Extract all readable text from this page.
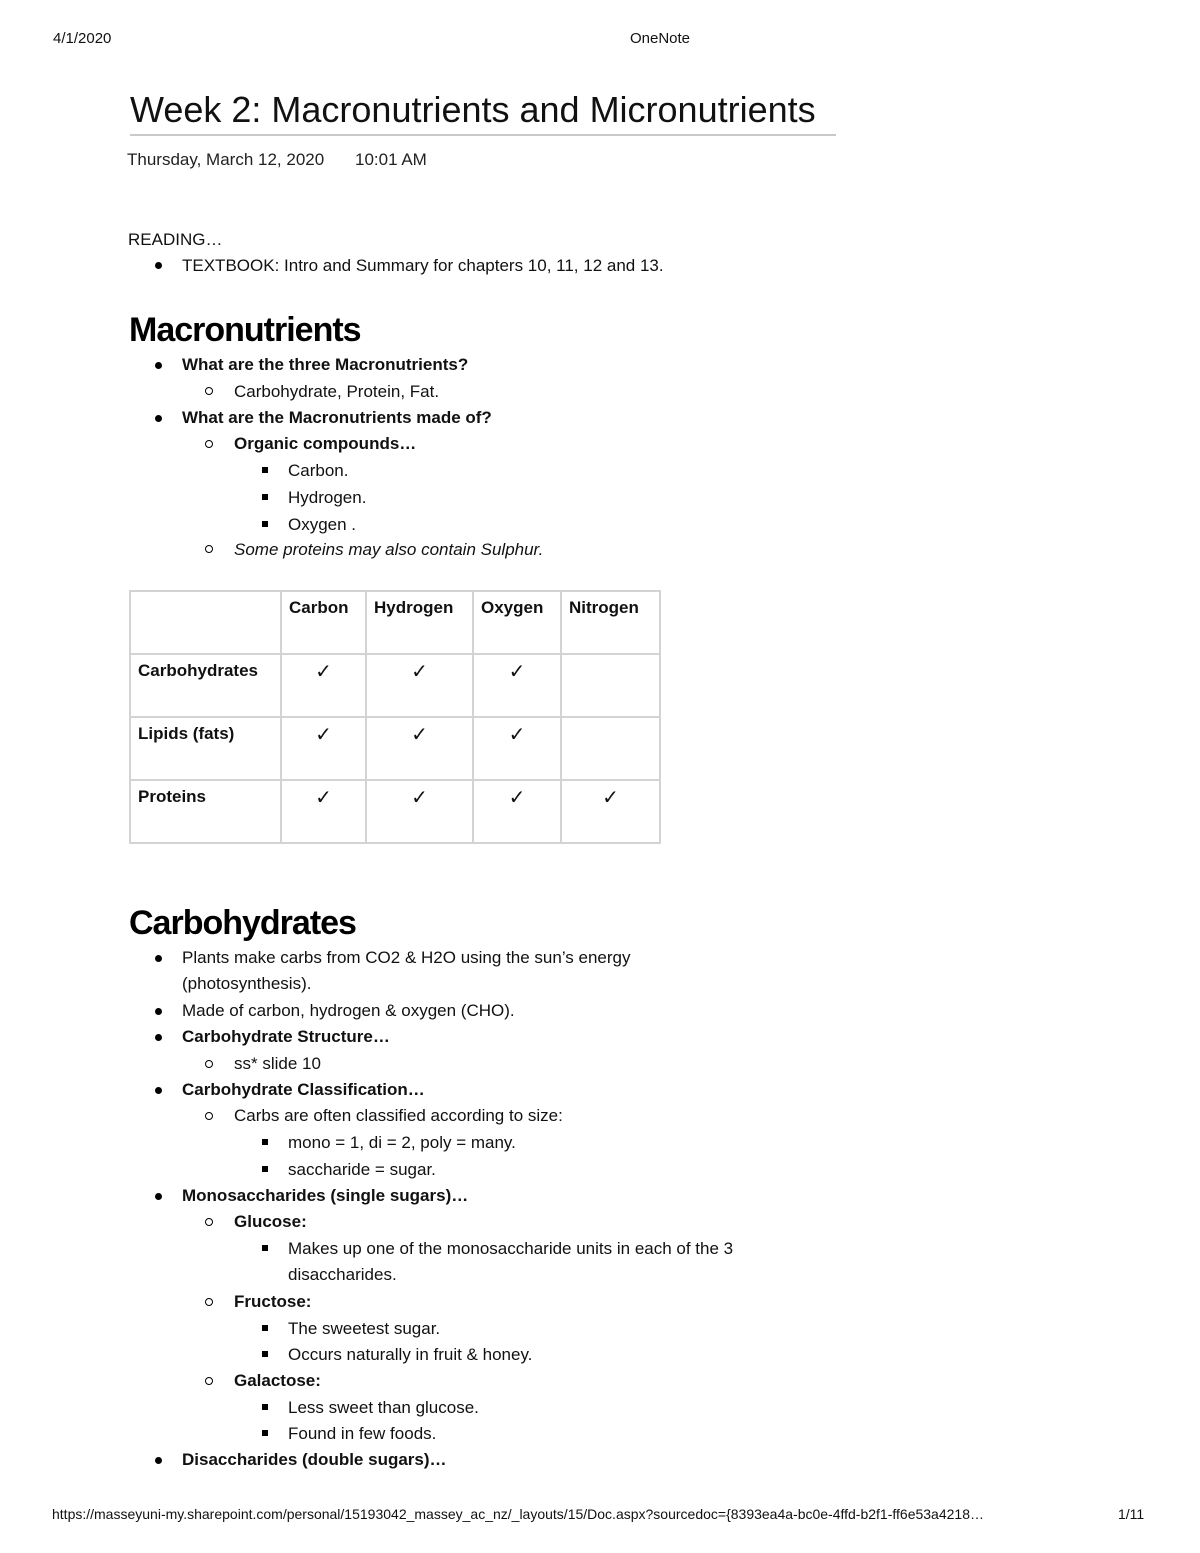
4/1/2020	OneNote
https://masseyuni-my.sharepoint.com/personal/15193042_massey_ac_nz/_layouts/15/Doc.aspx?sourcedoc={8393ea4a-bc0e-4ffd-b2f1-ff6e53a4218…	1/11
Week 2: Macronutrients and Micronutrients
Thursday, March 12, 2020 10:01 AM
READING…
TEXTBOOK: Intro and Summary for chapters 10, 11, 12 and 13.
Macronutrients
What are the three Macronutrients?
Carbohydrate, Protein, Fat.
What are the Macronutrients made of?
Organic compounds…
Carbon.
Hydrogen.
Oxygen .
Some proteins may also contain Sulphur.
	Carbon	Hydrogen	Oxygen	Nitrogen
Carbohydrates	✓	✓	✓	
Lipids (fats)	✓	✓	✓	
Proteins	✓	✓	✓	✓
Carbohydrates
Plants make carbs from CO2 & H2O using the sun’s energy
(photosynthesis).
Made of carbon, hydrogen & oxygen (CHO).
Carbohydrate Structure…
ss* slide 10
Carbohydrate Classification…
Carbs are often classified according to size:
mono = 1, di = 2, poly = many.
saccharide = sugar.
Monosaccharides (single sugars)…
Glucose:
Makes up one of the monosaccharide units in each of the 3
disaccharides.
Fructose:
The sweetest sugar.
Occurs naturally in fruit & honey.
Galactose:
Less sweet than glucose.
Found in few foods.
Disaccharides (double sugars)…
